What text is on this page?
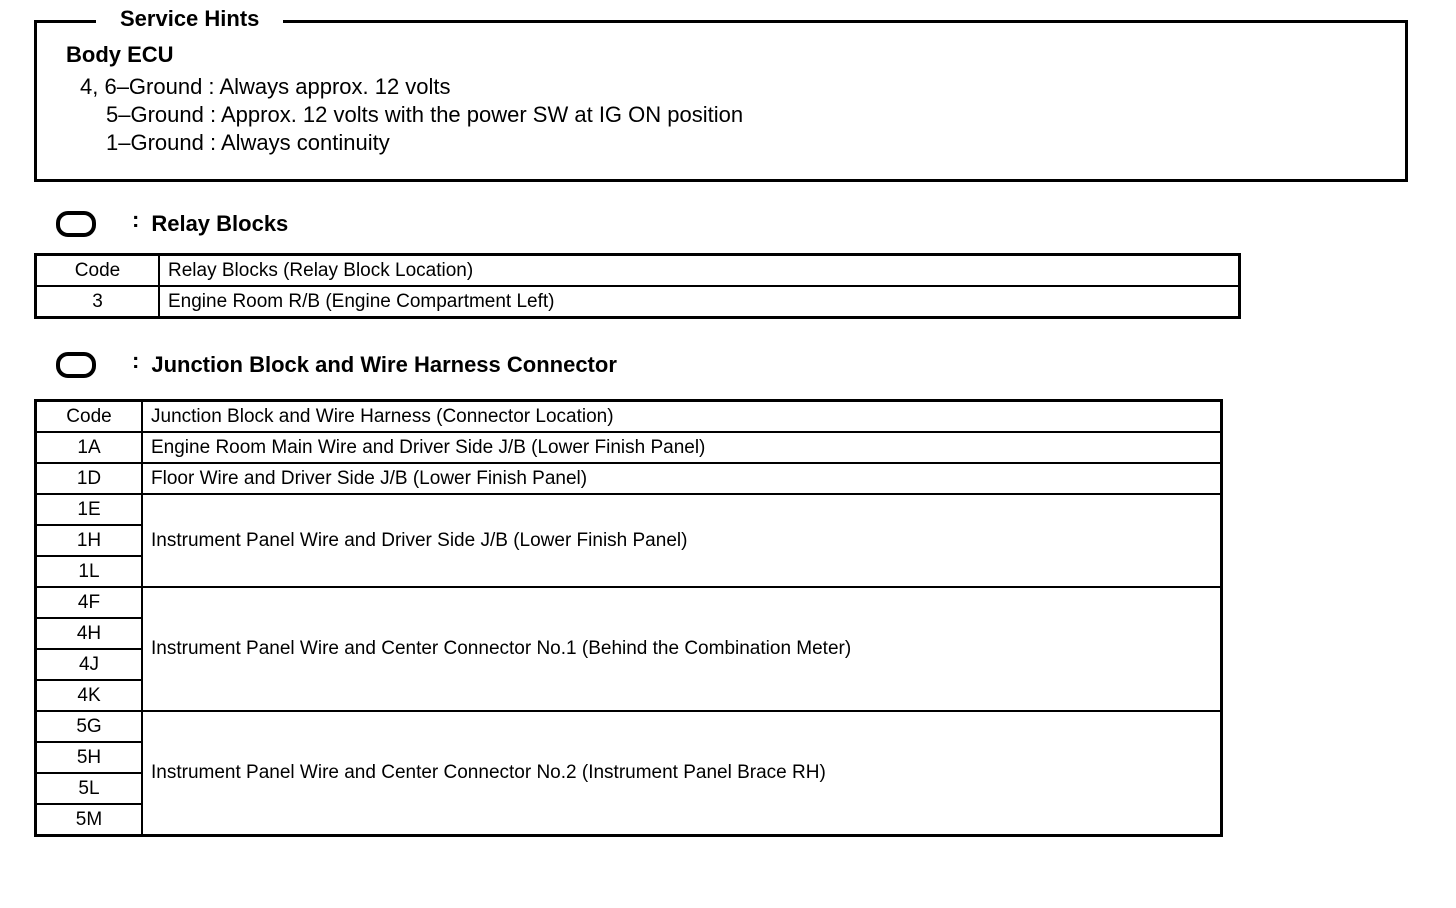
Service Hints
Body ECU
4, 6–Ground : Always approx. 12 volts
5–Ground : Approx. 12 volts with the power SW at IG ON position
1–Ground : Always continuity
: Relay Blocks
Code	Relay Blocks (Relay Block Location)
3	Engine Room R/B (Engine Compartment Left)
: Junction Block and Wire Harness Connector
Code	Junction Block and Wire Harness (Connector Location)
1A	Engine Room Main Wire and Driver Side J/B (Lower Finish Panel)
1D	Floor Wire and Driver Side J/B (Lower Finish Panel)
1E	Instrument Panel Wire and Driver Side J/B (Lower Finish Panel)
1H	
1L	
4F	Instrument Panel Wire and Center Connector No.1 (Behind the Combination Meter)
4H	
4J	
4K	
5G	Instrument Panel Wire and Center Connector No.2 (Instrument Panel Brace RH)
5H	
5L	
5M	
